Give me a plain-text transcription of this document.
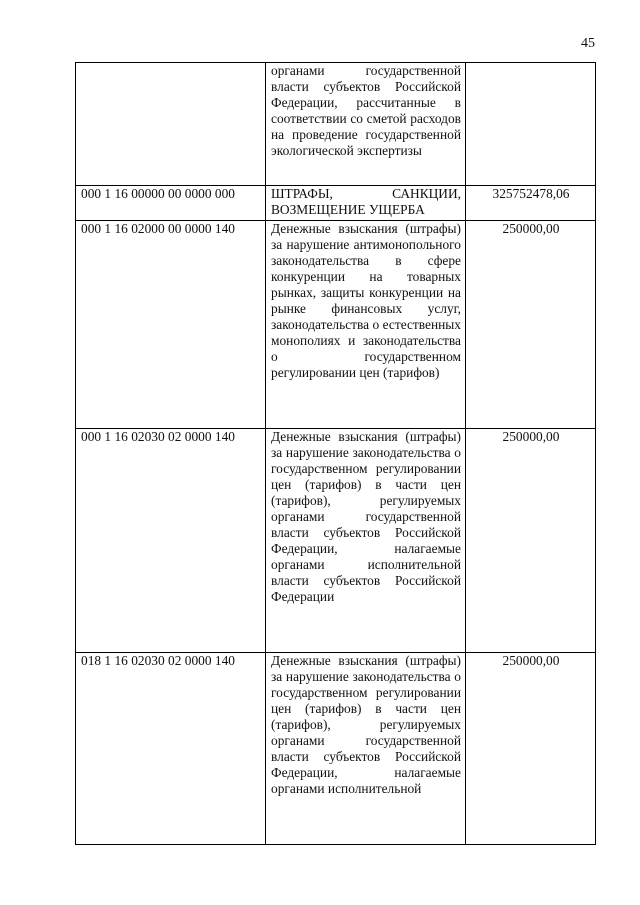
45
	органами государственной власти субъектов Российской Федерации, рассчитанные в соответствии со сметой расходов на проведение государственной экологической экспертизы	
000 1 16 00000 00 0000 000	ШТРАФЫ, САНКЦИИ, ВОЗМЕЩЕНИЕ УЩЕРБА	325752478,06
000 1 16 02000 00 0000 140	Денежные взыскания (штрафы) за нарушение антимонопольного законодательства в сфере конкуренции на товарных рынках, защиты конкуренции на рынке финансовых услуг, законодательства о естественных монополиях и законодательства о государственном регулировании цен (тарифов)	250000,00
000 1 16 02030 02 0000 140	Денежные взыскания (штрафы) за нарушение законодательства о государственном регулировании цен (тарифов) в части цен (тарифов), регулируемых органами государственной власти субъектов Российской Федерации, налагаемые органами исполнительной власти субъектов Российской Федерации	250000,00
018 1 16 02030 02 0000 140	Денежные взыскания (штрафы) за нарушение законодательства о государственном регулировании цен (тарифов) в части цен (тарифов), регулируемых органами государственной власти субъектов Российской Федерации, налагаемые органами исполнительной	250000,00
